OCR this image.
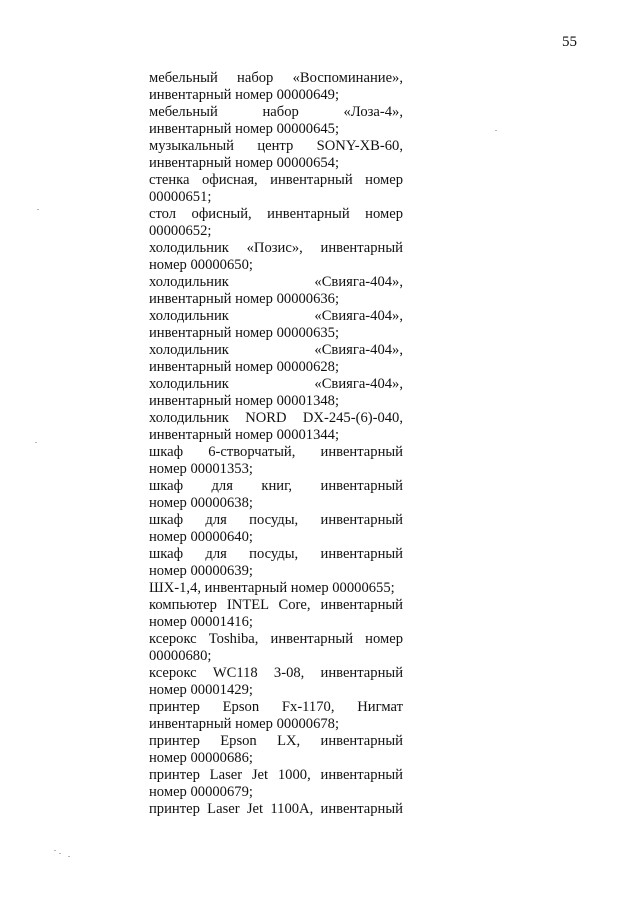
55
мебельный набор «Воспоминание»,
инвентарный номер 00000649;
мебельный набор «Лоза-4»,
инвентарный номер 00000645;
музыкальный центр SONY-XB-60,
инвентарный номер 00000654;
стенка офисная, инвентарный номер
00000651;
стол офисный, инвентарный номер
00000652;
холодильник «Позис», инвентарный
номер 00000650;
холодильник «Свияга-404»,
инвентарный номер 00000636;
холодильник «Свияга-404»,
инвентарный номер 00000635;
холодильник «Свияга-404»,
инвентарный номер 00000628;
холодильник «Свияга-404»,
инвентарный номер 00001348;
холодильник NORD DX-245-(6)-040,
инвентарный номер 00001344;
шкаф 6-створчатый, инвентарный
номер 00001353;
шкаф для книг, инвентарный
номер 00000638;
шкаф для посуды, инвентарный
номер 00000640;
шкаф для посуды, инвентарный
номер 00000639;
ШХ-1,4, инвентарный номер 00000655;
компьютер INTEL Core, инвентарный
номер 00001416;
ксерокс Toshiba, инвентарный номер
00000680;
ксерокс WC118 3-08, инвентарный
номер 00001429;
принтер Epson Fx-1170, Нигмат
инвентарный номер 00000678;
принтер Epson LX, инвентарный
номер 00000686;
принтер Laser Jet 1000, инвентарный
номер 00000679;
принтер Laser Jet 1100A, инвентарный
